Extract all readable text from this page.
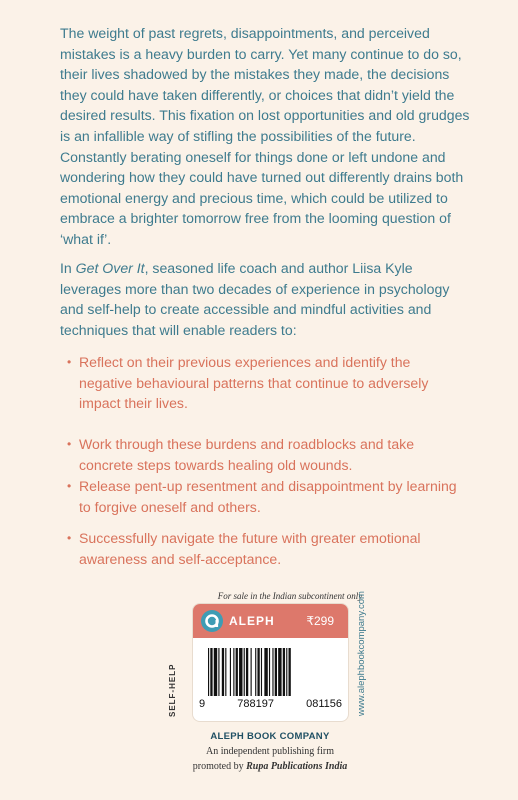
The weight of past regrets, disappointments, and perceived mistakes is a heavy burden to carry. Yet many continue to do so, their lives shadowed by the mistakes they made, the decisions they could have taken differently, or choices that didn’t yield the desired results. This fixation on lost opportunities and old grudges is an infallible way of stifling the possibilities of the future. Constantly berating oneself for things done or left undone and wondering how they could have turned out differently drains both emotional energy and precious time, which could be utilized to embrace a brighter tomorrow free from the looming question of ‘what if’.

In Get Over It, seasoned life coach and author Liisa Kyle leverages more than two decades of experience in psychology and self-help to create accessible and mindful activities and techniques that will enable readers to:

• Reflect on their previous experiences and identify the negative behavioural patterns that continue to adversely impact their lives.
• Work through these burdens and roadblocks and take concrete steps towards healing old wounds.
• Release pent-up resentment and disappointment by learning to forgive oneself and others.
• Successfully navigate the future with greater emotional awareness and self-acceptance.
For sale in the Indian subcontinent only
ALEPH	₹299
9	788197	081156
SELF-HELP	www.alephbookcompany.com
ALEPH BOOK COMPANY
An independent publishing firm
promoted by Rupa Publications India
